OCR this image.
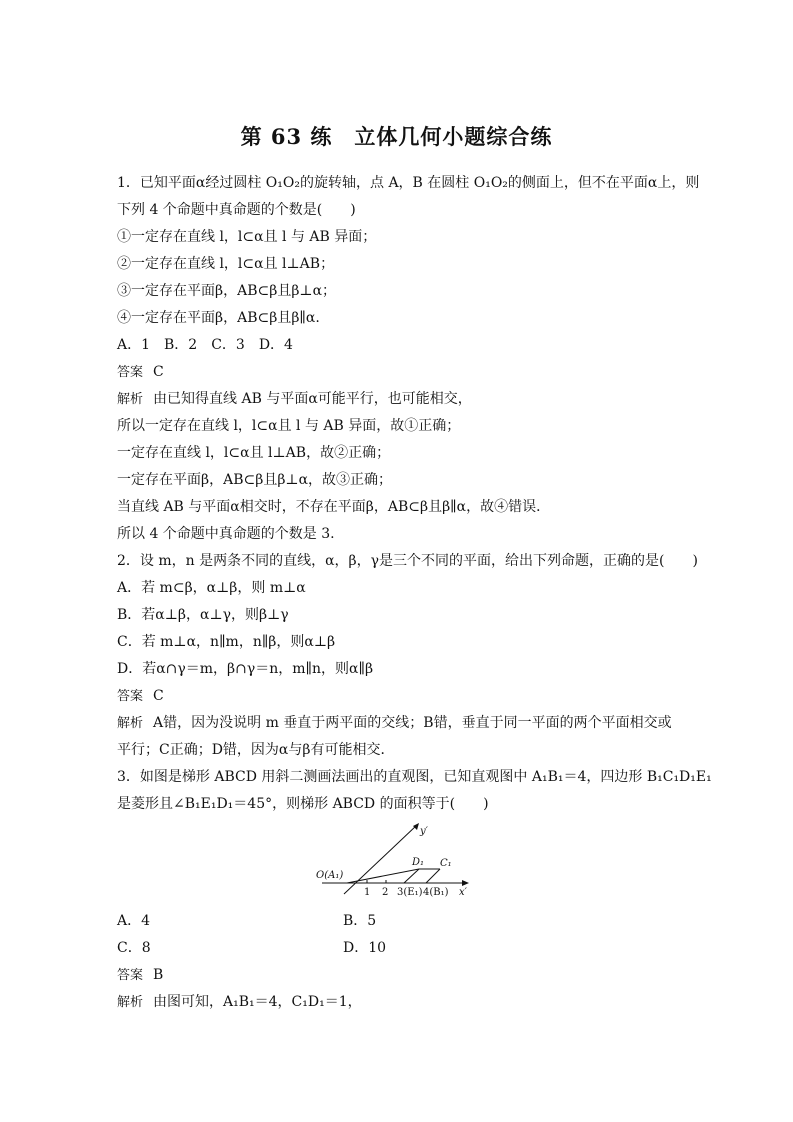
第 63 练　立体几何小题综合练
1．已知平面α经过圆柱 O₁O₂的旋转轴，点 A，B 在圆柱 O₁O₂的侧面上，但不在平面α上，则
下列 4 个命题中真命题的个数是(　　)
①一定存在直线 l，l⊂α且 l 与 AB 异面；
②一定存在直线 l，l⊂α且 l⊥AB；
③一定存在平面β，AB⊂β且β⊥α；
④一定存在平面β，AB⊂β且β∥α.
A．1　B．2　C．3　D．4
答案 C
解析 由已知得直线 AB 与平面α可能平行，也可能相交，
所以一定存在直线 l，l⊂α且 l 与 AB 异面，故①正确；
一定存在直线 l，l⊂α且 l⊥AB，故②正确；
一定存在平面β，AB⊂β且β⊥α，故③正确；
当直线 AB 与平面α相交时，不存在平面β，AB⊂β且β∥α，故④错误．
所以 4 个命题中真命题的个数是 3.
2．设 m，n 是两条不同的直线，α，β，γ是三个不同的平面，给出下列命题，正确的是(　　)
A．若 m⊂β，α⊥β，则 m⊥α
B．若α⊥β，α⊥γ，则β⊥γ
C．若 m⊥α，n∥m，n∥β，则α⊥β
D．若α∩γ＝m，β∩γ＝n，m∥n，则α∥β
答案 C
解析 A错，因为没说明 m 垂直于两平面的交线；B错，垂直于同一平面的两个平面相交或
平行；C正确；D错，因为α与β有可能相交．
3．如图是梯形 ABCD 用斜二测画法画出的直观图，已知直观图中 A₁B₁＝4，四边形 B₁C₁D₁E₁
是菱形且∠B₁E₁D₁＝45°，则梯形 ABCD 的面积等于(　　)
y′
x′
O(A₁)
D₁ C₁
1 2 3(E₁) 4(B₁)
A．4	B．5
C．8	D．10
答案 B
解析 由图可知，A₁B₁＝4，C₁D₁＝1，
